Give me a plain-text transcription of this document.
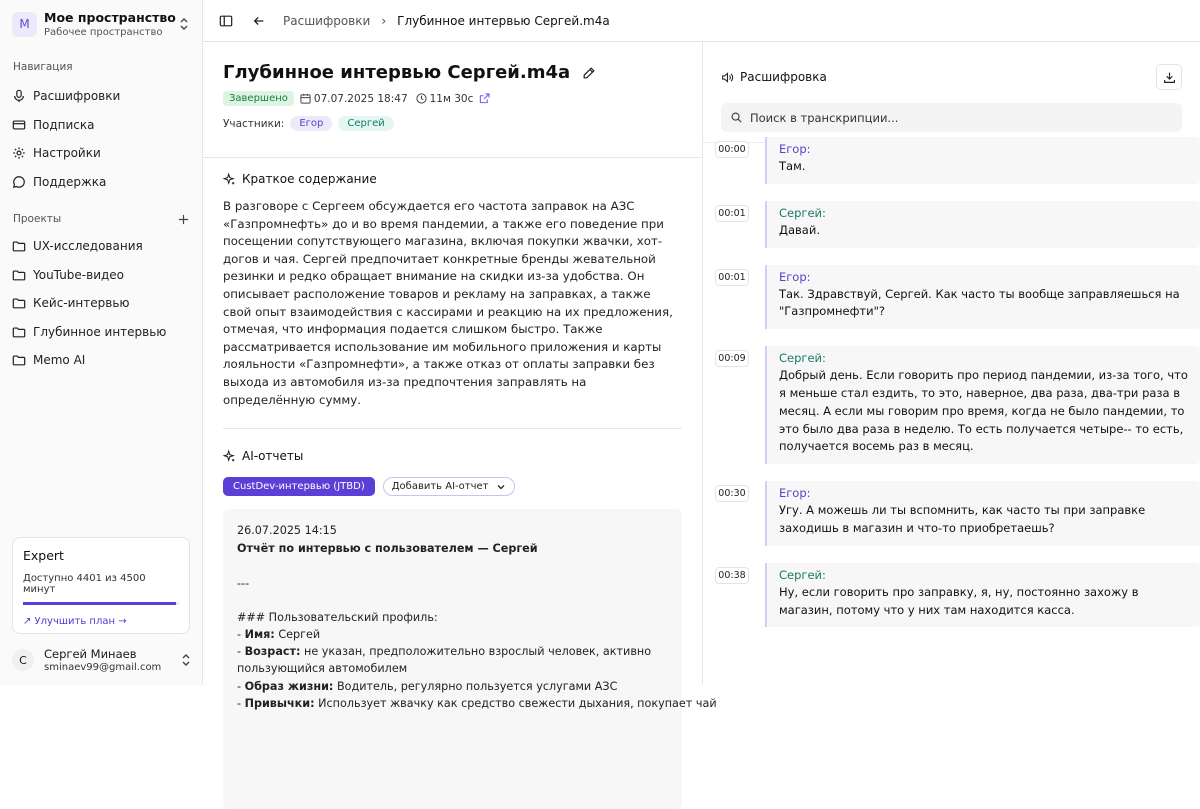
М	Мое пространство
Рабочее пространство
Навигация
Расшифровки
Подписка
Настройки
Поддержка
Проекты
UX-исследования
YouTube-видео
Кейс-интервью
Глубинное интервью
Memo AI
Expert
Доступно 4401 из 4500 минут
↗ Улучшить план →
С	Сергей Минаев
sminaev99@gmail.com
Расшифровки › Глубинное интервью Сергей.m4a
Глубинное интервью Сергей.m4a
Завершено	07.07.2025 18:47 11м 30с
Участники:	Егор	Сергей
Краткое содержание

В разговоре с Сергеем обсуждается его частота заправок на АЗС «Газпромнефть» до и во время пандемии, а также его поведение при посещении сопутствующего магазина, включая покупки жвачки, хот-догов и чая. Сергей предпочитает конкретные бренды жевательной резинки и редко обращает внимание на скидки из-за удобства. Он описывает расположение товаров и рекламу на заправках, а также свой опыт взаимодействия с кассирами и реакцию на их предложения, отмечая, что информация подается слишком быстро. Также рассматривается использование им мобильного приложения и карты лояльности «Газпромнефти», а также отказ от оплаты заправки без выхода из автомобиля из-за предпочтения заправлять на определённую сумму.

AI-отчеты
CustDev-интервью (JTBD)	Добавить AI-отчет
26.07.2025 14:15
Отчёт по интервью с пользователем — Сергей
---
### Пользовательский профиль:
- Имя: Сергей
- Возраст: не указан, предположительно взрослый человек, активно
пользующийся автомобилем
- Образ жизни: Водитель, регулярно пользуется услугами АЗС
- Привычки: Использует жвачку как средство свежести дыхания, покупает чай
Расшифровка
Поиск в транскрипции...
00:00	Егор:
Там.
00:01	Сергей:
Давай.
00:01	Егор:
Так. Здравствуй, Сергей. Как часто ты вообще заправляешься на "Газпромнефти"?
00:09	Сергей:
Добрый день. Если говорить про период пандемии, из-за того, что я меньше стал ездить, то это, наверное, два раза, два-три раза в месяц. А если мы говорим про время, когда не было пандемии, то это было два раза в неделю. То есть получается четыре-- то есть, получается восемь раз в месяц.
00:30	Егор:
Угу. А можешь ли ты вспомнить, как часто ты при заправке заходишь в магазин и что-то приобретаешь?
00:38	Сергей:
Ну, если говорить про заправку, я, ну, постоянно захожу в магазин, потому что у них там находится касса.
